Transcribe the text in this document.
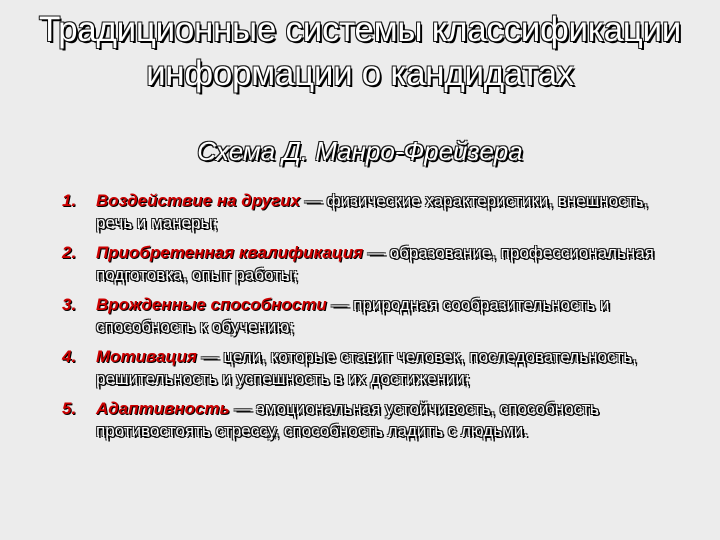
Традиционные системы классификации информации о кандидатах
Схема Д. Манро-Фрейзера
1. Воздействие на других — физические характеристики, внешность, речь и манеры;
2. Приобретенная квалификация — образование, профессиональная подготовка, опыт работы;
3. Врожденные способности — природная сообразительность и способность к обучению;
4. Мотивация — цели, которые ставит человек, последовательность, решительность и успешность в их достижении;
5. Адаптивность — эмоциональная устойчивость, способность противостоять стрессу, способность ладить с людьми.
